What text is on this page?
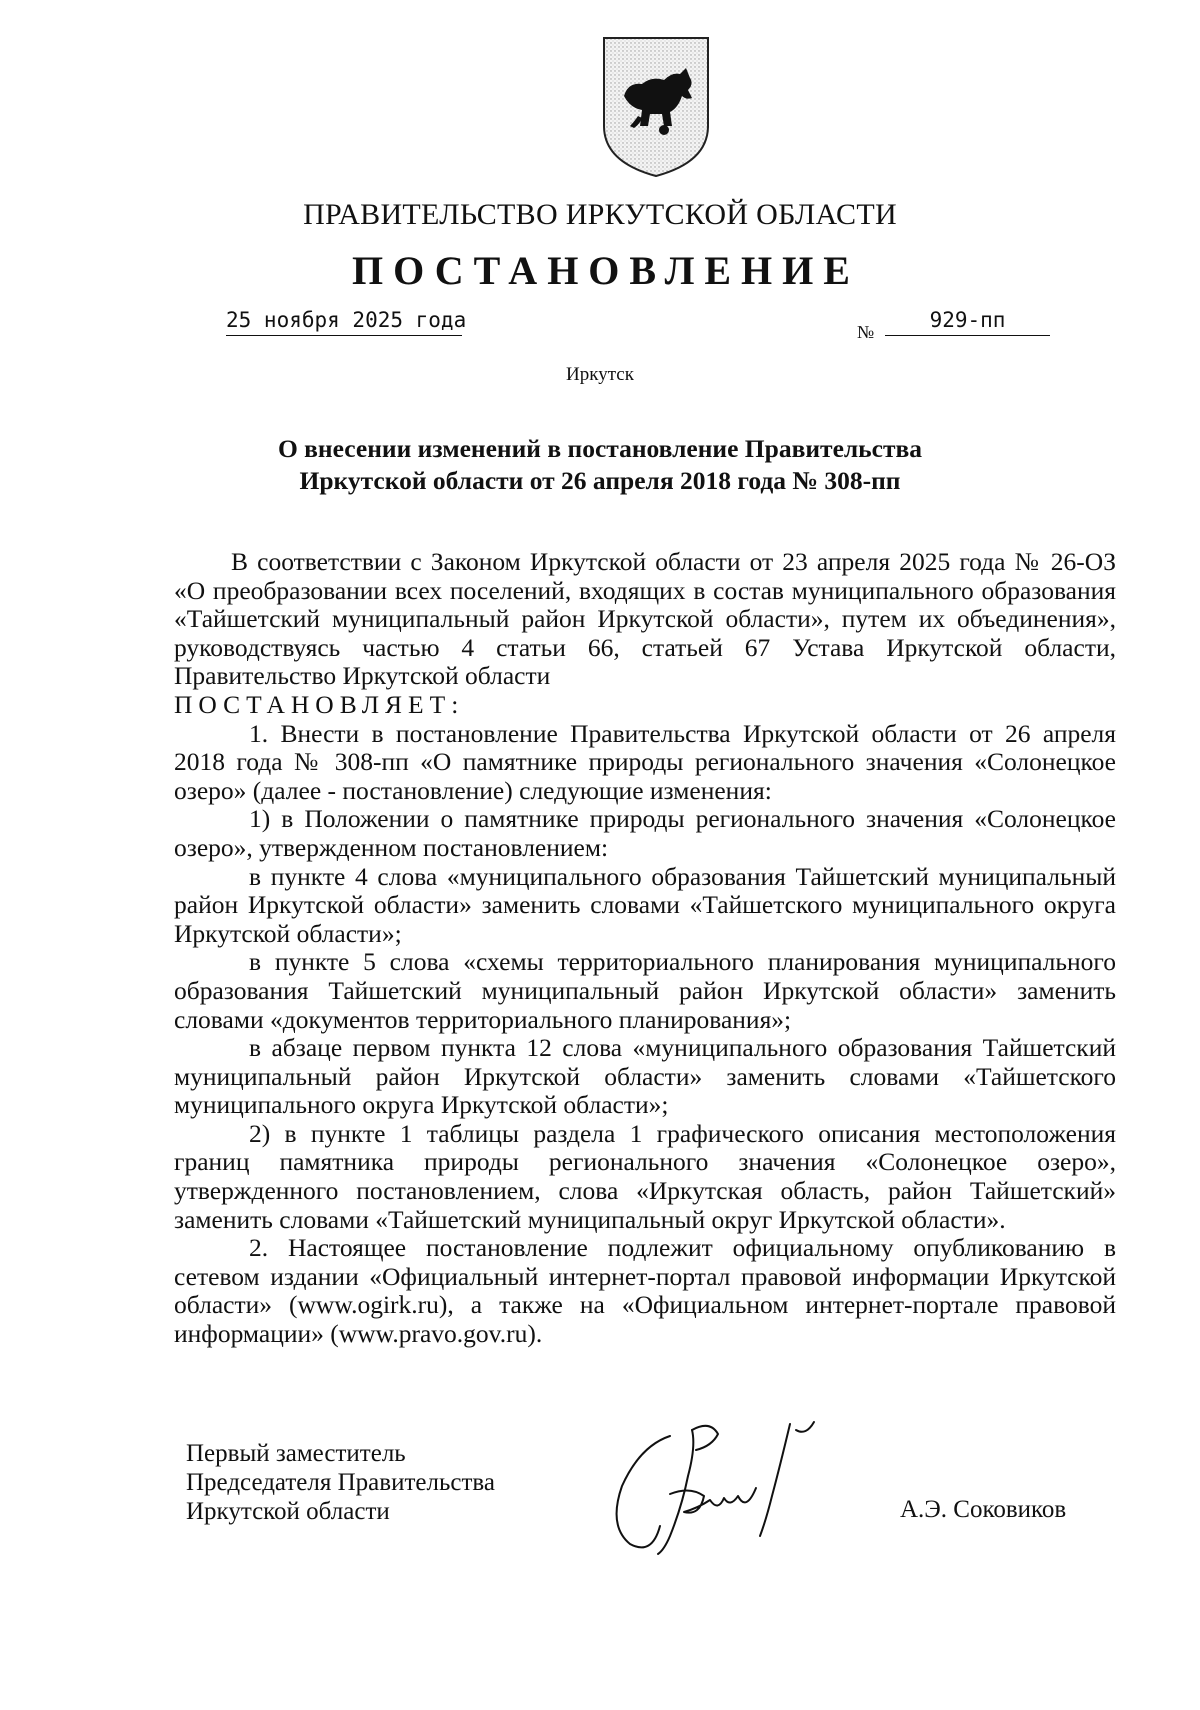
ПРАВИТЕЛЬСТВО ИРКУТСКОЙ ОБЛАСТИ
ПОСТАНОВЛЕНИЕ
25 ноября 2025 года	№	929-пп
Иркутск
О внесении изменений в постановление Правительства
Иркутской области от 26 апреля 2018 года № 308-пп

В соответствии с Законом Иркутской области от 23 апреля 2025 года № 26-ОЗ «О преобразовании всех поселений, входящих в состав муниципального образования «Тайшетский муниципальный район Иркутской области», путем их объединения», руководствуясь частью 4 статьи 66, статьей 67 Устава Иркутской области, Правительство Иркутской области

ПОСТАНОВЛЯЕТ:

1. Внести в постановление Правительства Иркутской области от 26 апреля 2018 года № 308-пп «О памятнике природы регионального значения «Солонецкое озеро» (далее - постановление) следующие изменения:

1) в Положении о памятнике природы регионального значения «Солонецкое озеро», утвержденном постановлением:

в пункте 4 слова «муниципального образования Тайшетский муниципальный район Иркутской области» заменить словами «Тайшетского муниципального округа Иркутской области»;

в пункте 5 слова «схемы территориального планирования муниципального образования Тайшетский муниципальный район Иркутской области» заменить словами «документов территориального планирования»;

в абзаце первом пункта 12 слова «муниципального образования Тайшетский муниципальный район Иркутской области» заменить словами «Тайшетского муниципального округа Иркутской области»;

2) в пункте 1 таблицы раздела 1 графического описания местоположения границ памятника природы регионального значения «Солонецкое озеро», утвержденного постановлением, слова «Иркутская область, район Тайшетский» заменить словами «Тайшетский муниципальный округ Иркутской области».

2. Настоящее постановление подлежит официальному опубликованию в сетевом издании «Официальный интернет-портал правовой информации Иркутской области» (www.ogirk.ru), а также на «Официальном интернет-портале правовой информации» (www.pravo.gov.ru).

Первый заместитель
Председателя Правительства
Иркутской области	А.Э. Соковиков
